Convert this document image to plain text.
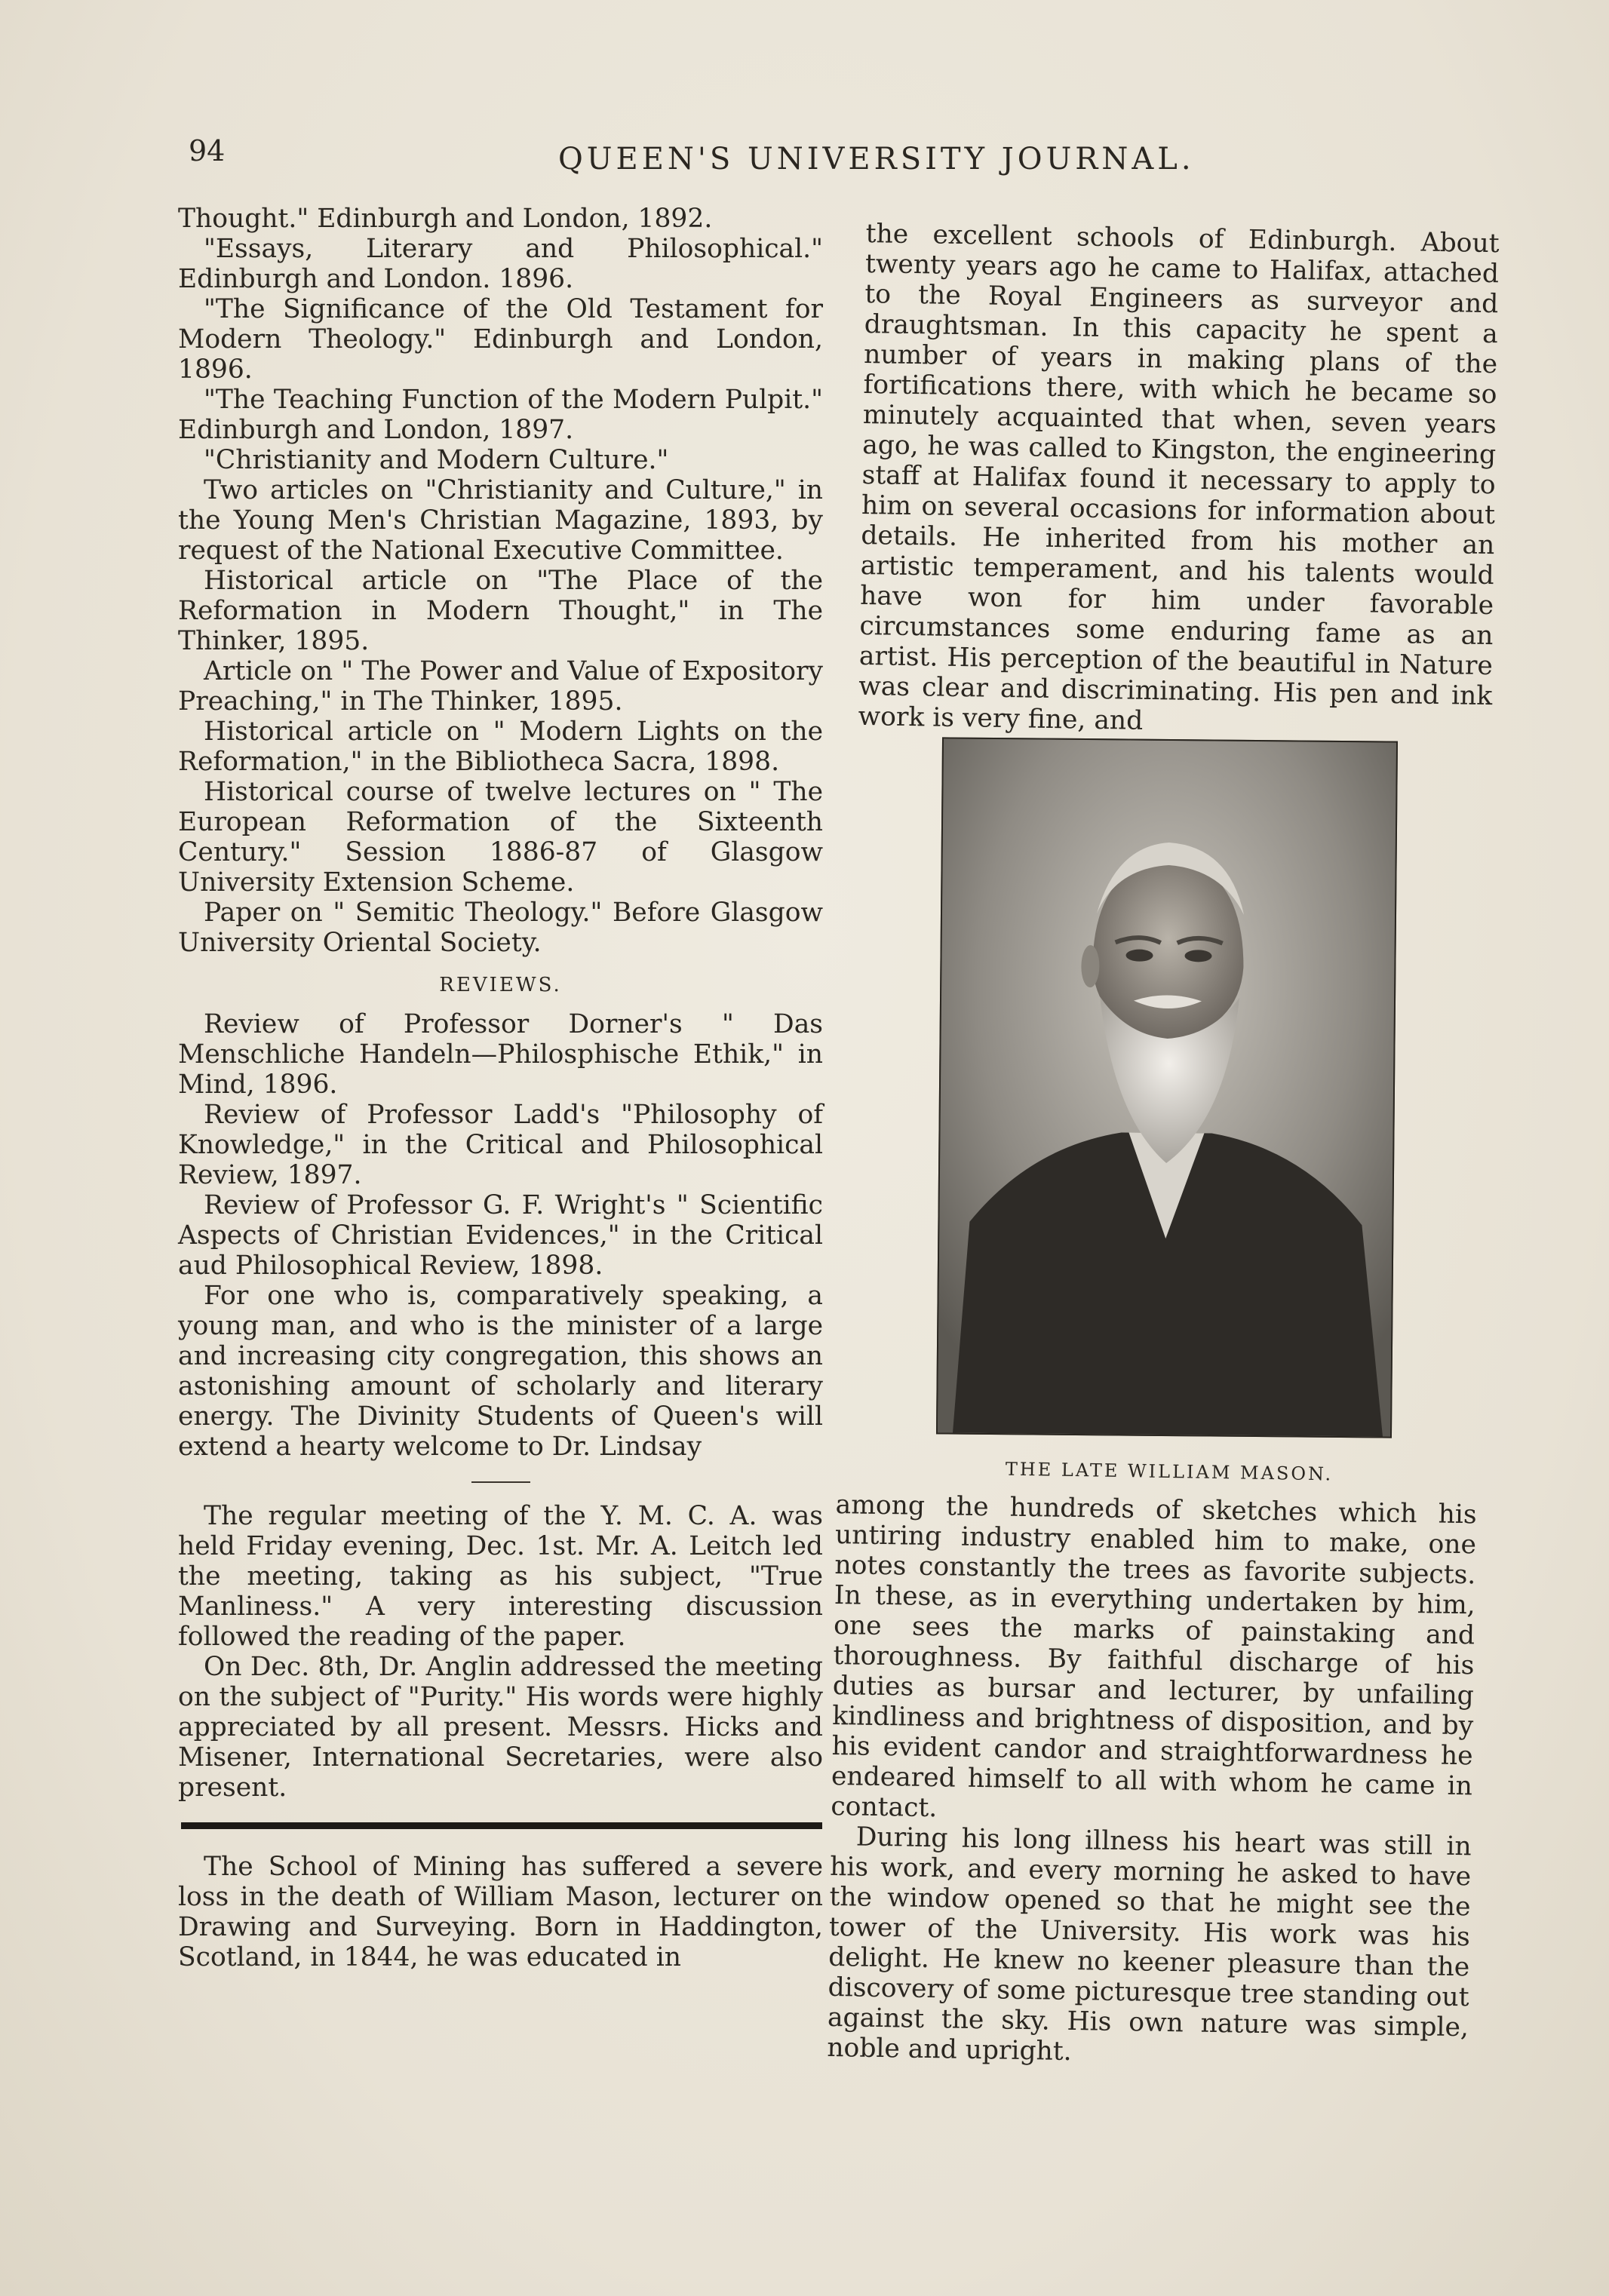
94	QUEEN'S UNIVERSITY JOURNAL.

Thought." Edinburgh and London, 1892.

"Essays, Literary and Philosophical." Edinburgh and London. 1896.

"The Significance of the Old Testament for Modern Theology." Edinburgh and London, 1896.

"The Teaching Function of the Modern Pulpit." Edinburgh and London, 1897.

"Christianity and Modern Culture."

Two articles on "Christianity and Culture," in the Young Men's Christian Magazine, 1893, by request of the National Executive Committee.

Historical article on "The Place of the Reformation in Modern Thought," in The Thinker, 1895.

Article on " The Power and Value of Expository Preaching," in The Thinker, 1895.

Historical article on " Modern Lights on the Reformation," in the Bibliotheca Sacra, 1898.

Historical course of twelve lectures on " The European Reformation of the Sixteenth Century." Session 1886-87 of Glasgow University Extension Scheme.

Paper on " Semitic Theology." Before Glasgow University Oriental Society.

REVIEWS.

Review of Professor Dorner's " Das Menschliche Handeln—Philosphische Ethik," in Mind, 1896.

Review of Professor Ladd's "Philosophy of Knowledge," in the Critical and Philosophical Review, 1897.

Review of Professor G. F. Wright's " Scientific Aspects of Christian Evidences," in the Critical aud Philosophical Review, 1898.

For one who is, comparatively speaking, a young man, and who is the minister of a large and increasing city congregation, this shows an astonishing amount of scholarly and literary energy. The Divinity Students of Queen's will extend a hearty welcome to Dr. Lindsay

The regular meeting of the Y. M. C. A. was held Friday evening, Dec. 1st. Mr. A. Leitch led the meeting, taking as his subject, "True Manliness." A very interesting discussion followed the reading of the paper.

On Dec. 8th, Dr. Anglin addressed the meeting on the subject of "Purity." His words were highly appreciated by all present. Messrs. Hicks and Misener, International Secretaries, were also present.

The School of Mining has suffered a severe loss in the death of William Mason, lecturer on Drawing and Surveying. Born in Haddington, Scotland, in 1844, he was educated in

the excellent schools of Edinburgh. About twenty years ago he came to Halifax, attached to the Royal Engineers as surveyor and draughtsman. In this capacity he spent a number of years in making plans of the fortifications there, with which he became so minutely acquainted that when, seven years ago, he was called to Kingston, the engineering staff at Halifax found it necessary to apply to him on several occasions for information about details. He inherited from his mother an artistic temperament, and his talents would have won for him under favorable circumstances some enduring fame as an artist. His perception of the beautiful in Nature was clear and discriminating. His pen and ink work is very fine, and

THE LATE WILLIAM MASON.

among the hundreds of sketches which his untiring industry enabled him to make, one notes constantly the trees as favorite subjects. In these, as in everything undertaken by him, one sees the marks of painstaking and thoroughness. By faithful discharge of his duties as bursar and lecturer, by unfailing kindliness and brightness of disposition, and by his evident candor and straightforwardness he endeared himself to all with whom he came in contact.

During his long illness his heart was still in his work, and every morning he asked to have the window opened so that he might see the tower of the University. His work was his delight. He knew no keener pleasure than the discovery of some picturesque tree standing out against the sky. His own nature was simple, noble and upright.
